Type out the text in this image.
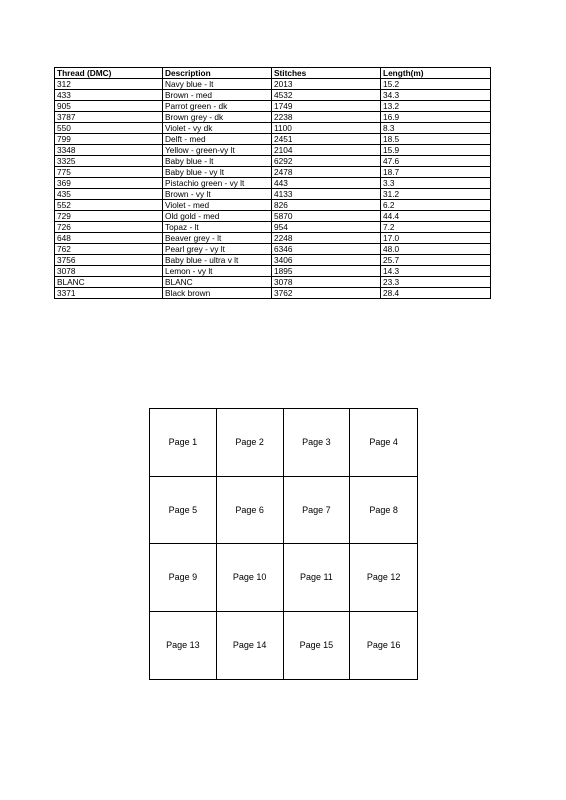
Thread (DMC)	Description	Stitches	Length(m)
312	Navy blue - lt	2013	15.2
433	Brown - med	4532	34.3
905	Parrot green - dk	1749	13.2
3787	Brown grey - dk	2238	16.9
550	Violet - vy dk	1100	8.3
799	Delft - med	2451	18.5
3348	Yellow - green-vy lt	2104	15.9
3325	Baby blue - lt	6292	47.6
775	Baby blue - vy lt	2478	18.7
369	Pistachio green - vy lt	443	3.3
435	Brown - vy lt	4133	31.2
552	Violet - med	826	6.2
729	Old gold - med	5870	44.4
726	Topaz - lt	954	7.2
648	Beaver grey - lt	2248	17.0
762	Pearl grey - vy lt	6346	48.0
3756	Baby blue - ultra v lt	3406	25.7
3078	Lemon - vy lt	1895	14.3
BLANC	BLANC	3078	23.3
3371	Black brown	3762	28.4
Page 1	Page 2	Page 3	Page 4
Page 5	Page 6	Page 7	Page 8
Page 9	Page 10	Page 11	Page 12
Page 13	Page 14	Page 15	Page 16
